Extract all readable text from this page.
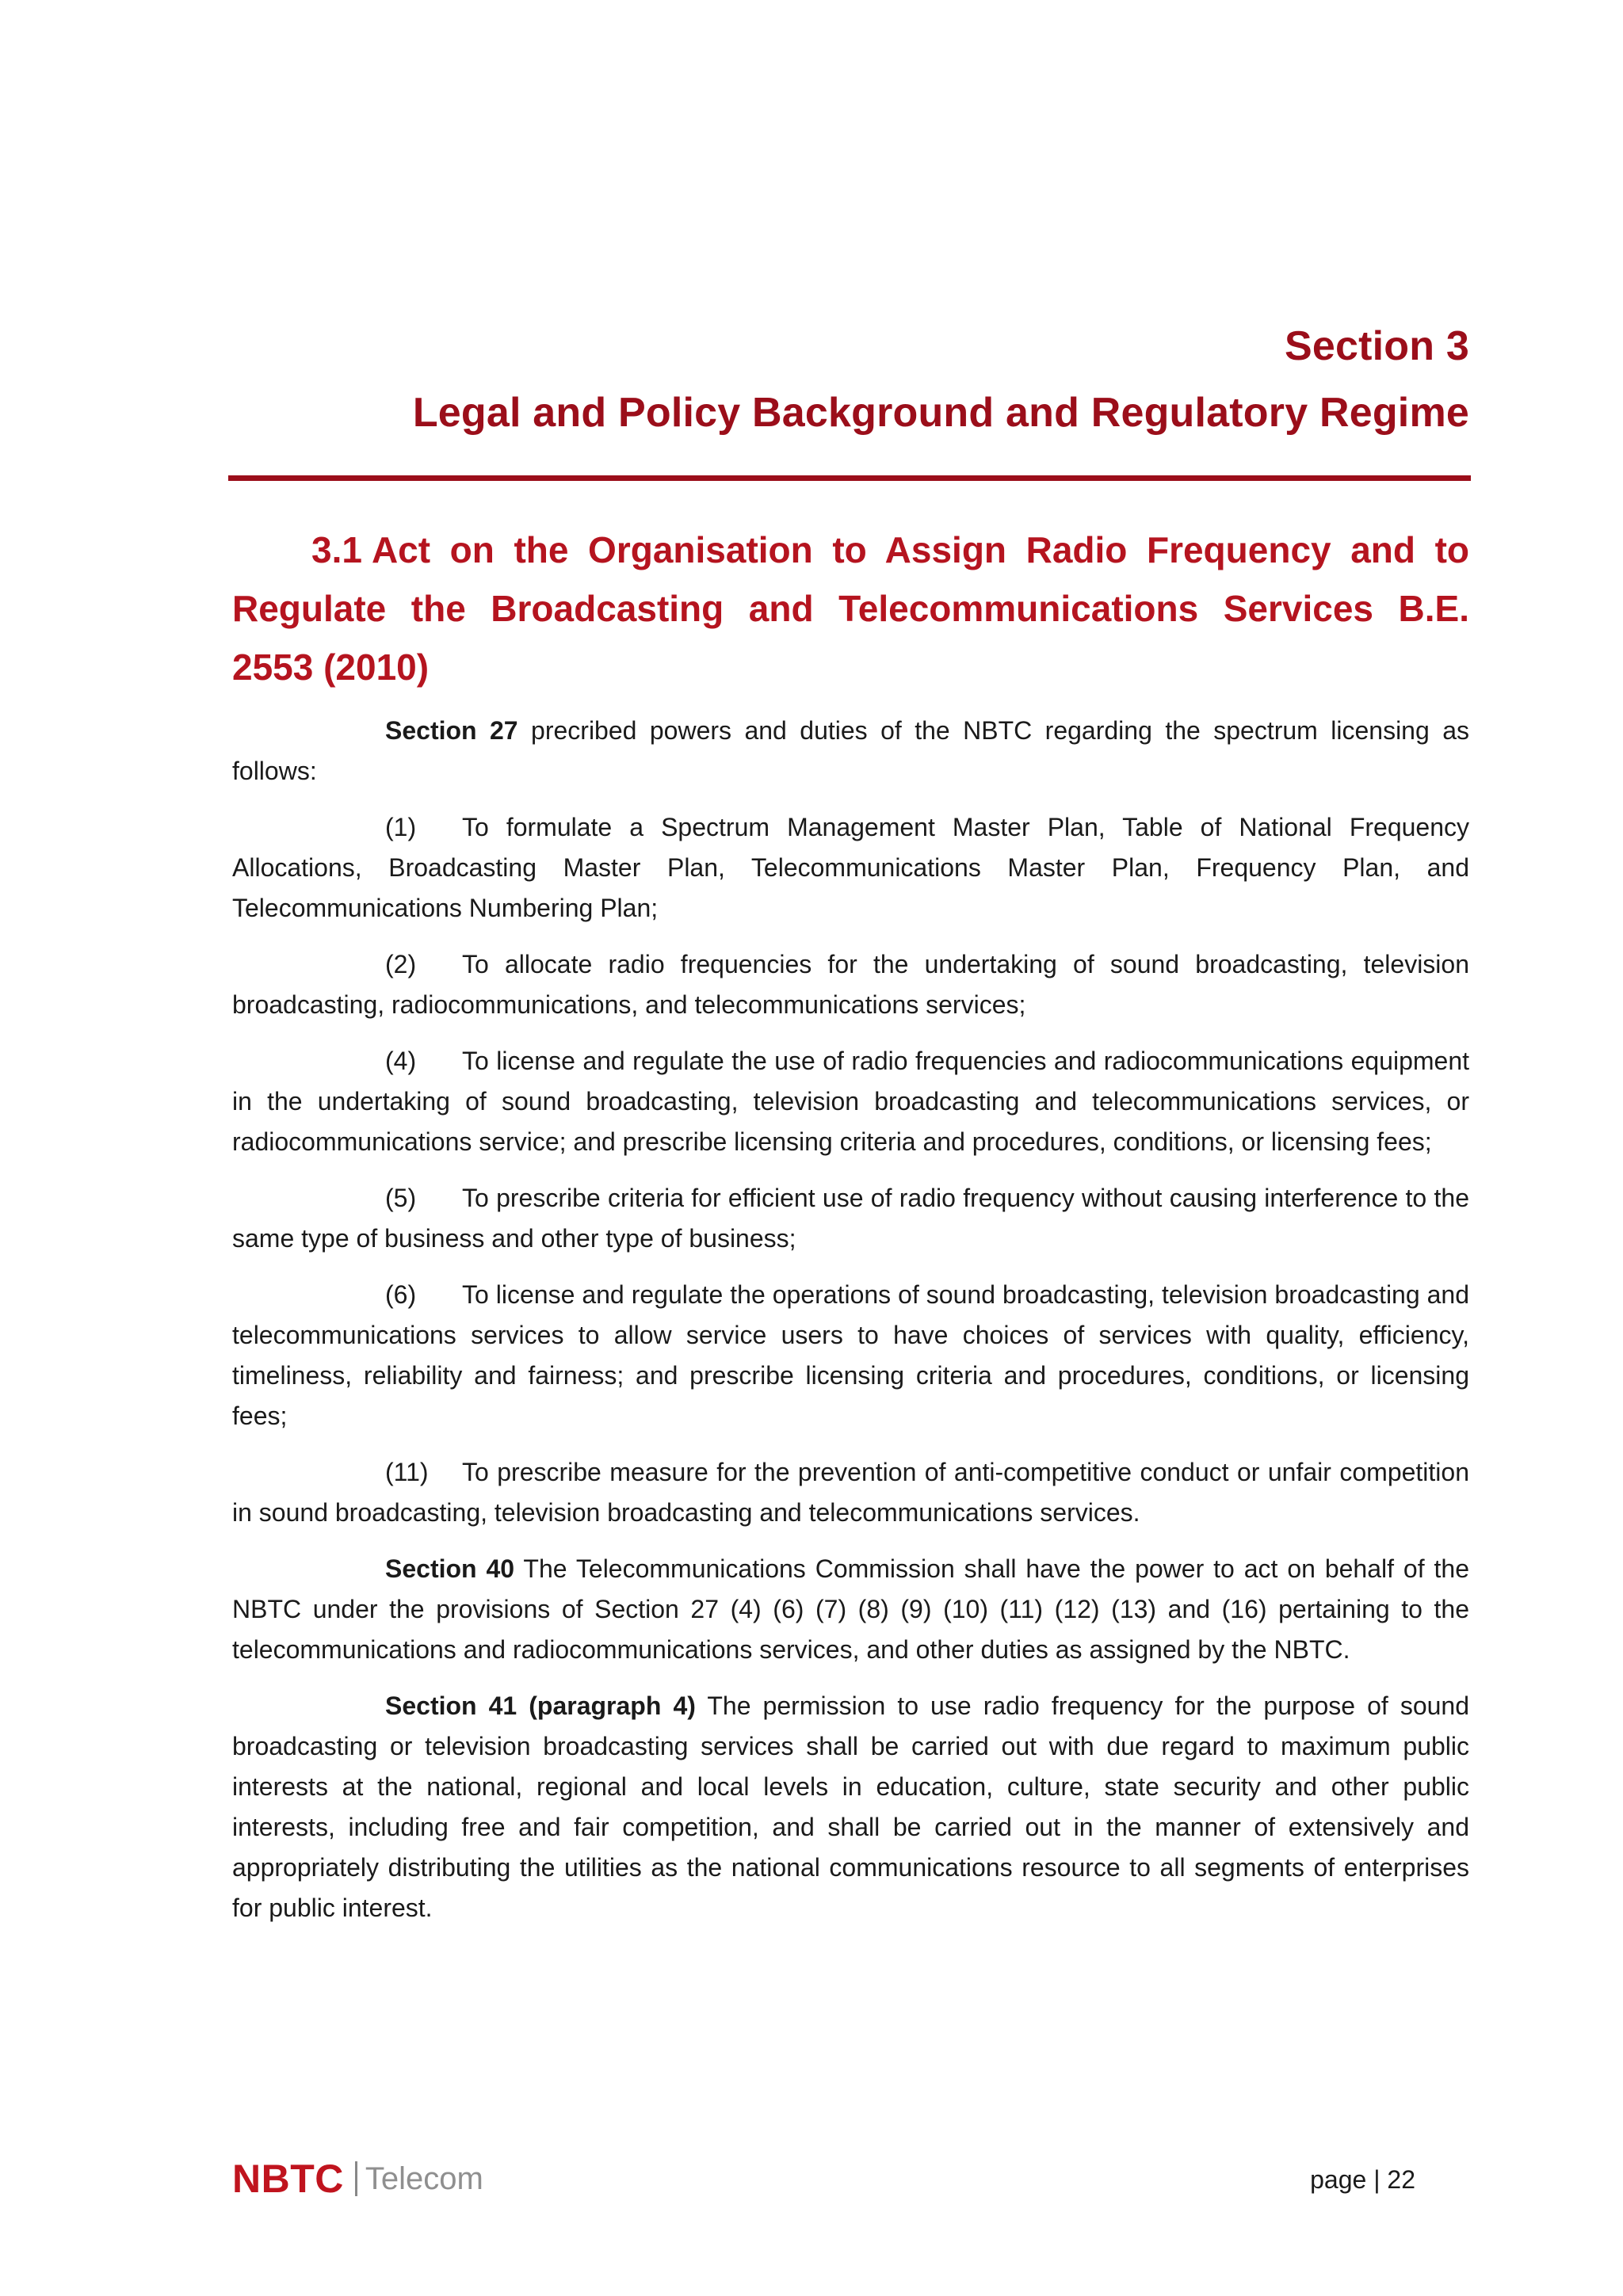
Section 3
Legal and Policy Background and Regulatory Regime
3.1 Act on the Organisation to Assign Radio Frequency and to Regulate the Broadcasting and Telecommunications Services B.E. 2553 (2010)

Section 27 precribed powers and duties of the NBTC regarding the spectrum licensing as follows:

(1) To formulate a Spectrum Management Master Plan, Table of National Frequency Allocations, Broadcasting Master Plan, Telecommunications Master Plan, Frequency Plan, and Telecommunications Numbering Plan;

(2) To allocate radio frequencies for the undertaking of sound broadcasting, television broadcasting, radiocommunications, and telecommunications services;

(4) To license and regulate the use of radio frequencies and radiocommunications equipment in the undertaking of sound broadcasting, television broadcasting and telecommunications services, or radiocommunications service; and prescribe licensing criteria and procedures, conditions, or licensing fees;

(5) To prescribe criteria for efficient use of radio frequency without causing interference to the same type of business and other type of business;

(6) To license and regulate the operations of sound broadcasting, television broadcasting and telecommunications services to allow service users to have choices of services with quality, efficiency, timeliness, reliability and fairness; and prescribe licensing criteria and procedures, conditions, or licensing fees;

(11) To prescribe measure for the prevention of anti-competitive conduct or unfair competition in sound broadcasting, television broadcasting and telecommunications services.

Section 40 The Telecommunications Commission shall have the power to act on behalf of the NBTC under the provisions of Section 27 (4) (6) (7) (8) (9) (10) (11) (12) (13) and (16) pertaining to the telecommunications and radiocommunications services, and other duties as assigned by the NBTC.

Section 41 (paragraph 4) The permission to use radio frequency for the purpose of sound broadcasting or television broadcasting services shall be carried out with due regard to maximum public interests at the national, regional and local levels in education, culture, state security and other public interests, including free and fair competition, and shall be carried out in the manner of extensively and appropriately distributing the utilities as the national communications resource to all segments of enterprises for public interest.

NBTC Telecom	page | 22
